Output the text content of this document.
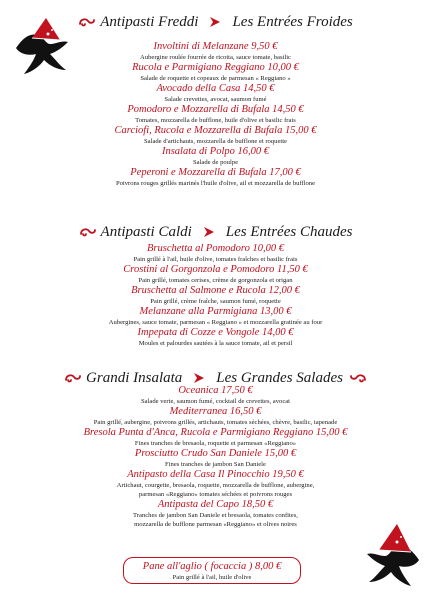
Antipasti Freddi Les Entrées Froides
Involtini di Melanzane 9,50 €
Aubergine roulée fourrée de ricotta, sauce tomate, basilic
Rucola e Parmigiano Reggiano 10,00 €
Salade de roquette et copeaux de parmesan « Reggiano »
Avocado della Casa 14,50 €
Salade crevettes, avocat, saumon fumé
Pomodoro e Mozzarella di Bufala 14,50 €
Tomates, mozzarella de bufflone, huile d'olive et basilic frais
Carciofi, Rucola e Mozzarella di Bufala 15,00 €
Salade d'artichauts, mozzarella de bufflone et roquette
Insalata di Polpo 16,00 €
Salade de poulpe
Peperoni e Mozzarella di Bufala 17,00 €
Poivrons rouges grillés marinés l'huile d'olive, ail et mozzarella de bufflone
Antipasti Caldi Les Entrées Chaudes
Bruschetta al Pomodoro 10,00 €
Pain grillé à l'ail, huile d'olive, tomates fraîches et basilic frais
Crostini al Gorgonzola e Pomodoro 11,50 €
Pain grillé, tomates cerises, crème de gorgonzola et origan
Bruschetta al Salmone e Rucola 12,00 €
Pain grillé, crème fraîche, saumon fumé, roquette
Melanzane alla Parmigiana 13,00 €
Aubergines, sauce tomate, parmesan « Reggiano » et mozzarella gratinée au four
Impepata di Cozze e Vongole 14,00 €
Moules et palourdes sautées à la sauce tomate, ail et persil
Grandi Insalata Les Grandes Salades
Oceanica 17,50 €
Salade verte, saumon fumé, cocktail de crevettes, avocat
Mediterranea 16,50 €
Pain grillé, aubergine, poivrons grillés, artichauts, tomates séchées, chèvre, basilic, tapenade
Bresola Punta d'Anca, Rucola e Parmigiano Reggiano 15,00 €
Fines tranches de bresaola, roquette et parmesan «Reggiano»
Prosciutto Crudo San Daniele 15,00 €
Fines tranches de jambon San Daniele
Antipasto della Casa Il Pinocchio 19,50 €
Artichaut, courgette, bresaola, roquette, mozzarella de bufflone, aubergine,
parmesan «Reggiano» tomates séchées et poivrons rouges
Antipasta del Capo 18,50 €
Tranches de jambon San Daniele et bresaola, tomates confites,
mozzarella de bufflone parmesan «Reggiano» et olives noires
Pane all'aglio ( focaccia ) 8,00 €
Pain grillé à l'ail, huile d'olive
